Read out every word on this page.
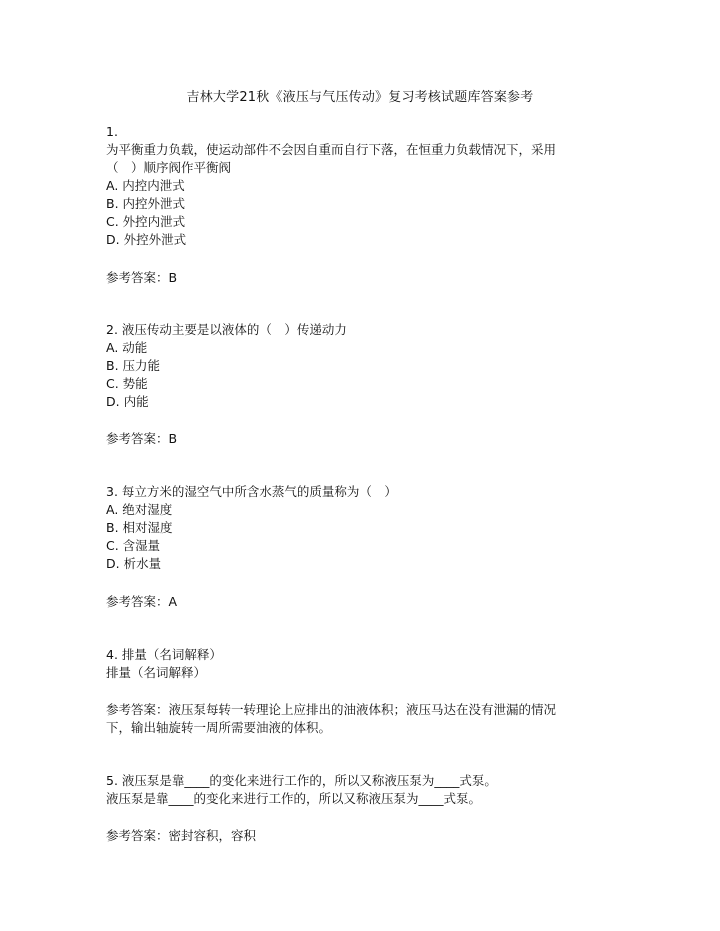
吉林大学21秋《液压与气压传动》复习考核试题库答案参考
1.
为平衡重力负载，使运动部件不会因自重而自行下落，在恒重力负载情况下，采用
（　）顺序阀作平衡阀
A. 内控内泄式
B. 内控外泄式
C. 外控内泄式
D. 外控外泄式
参考答案：B
2. 液压传动主要是以液体的（　）传递动力
A. 动能
B. 压力能
C. 势能
D. 内能
参考答案：B
3. 每立方米的湿空气中所含水蒸气的质量称为（　）
A. 绝对湿度
B. 相对湿度
C. 含湿量
D. 析水量
参考答案：A
4. 排量（名词解释）
排量（名词解释）
参考答案：液压泵每转一转理论上应排出的油液体积；液压马达在没有泄漏的情况
下，输出轴旋转一周所需要油液的体积。
5. 液压泵是靠____的变化来进行工作的，所以又称液压泵为____式泵。
液压泵是靠____的变化来进行工作的，所以又称液压泵为____式泵。
参考答案：密封容积，容积
